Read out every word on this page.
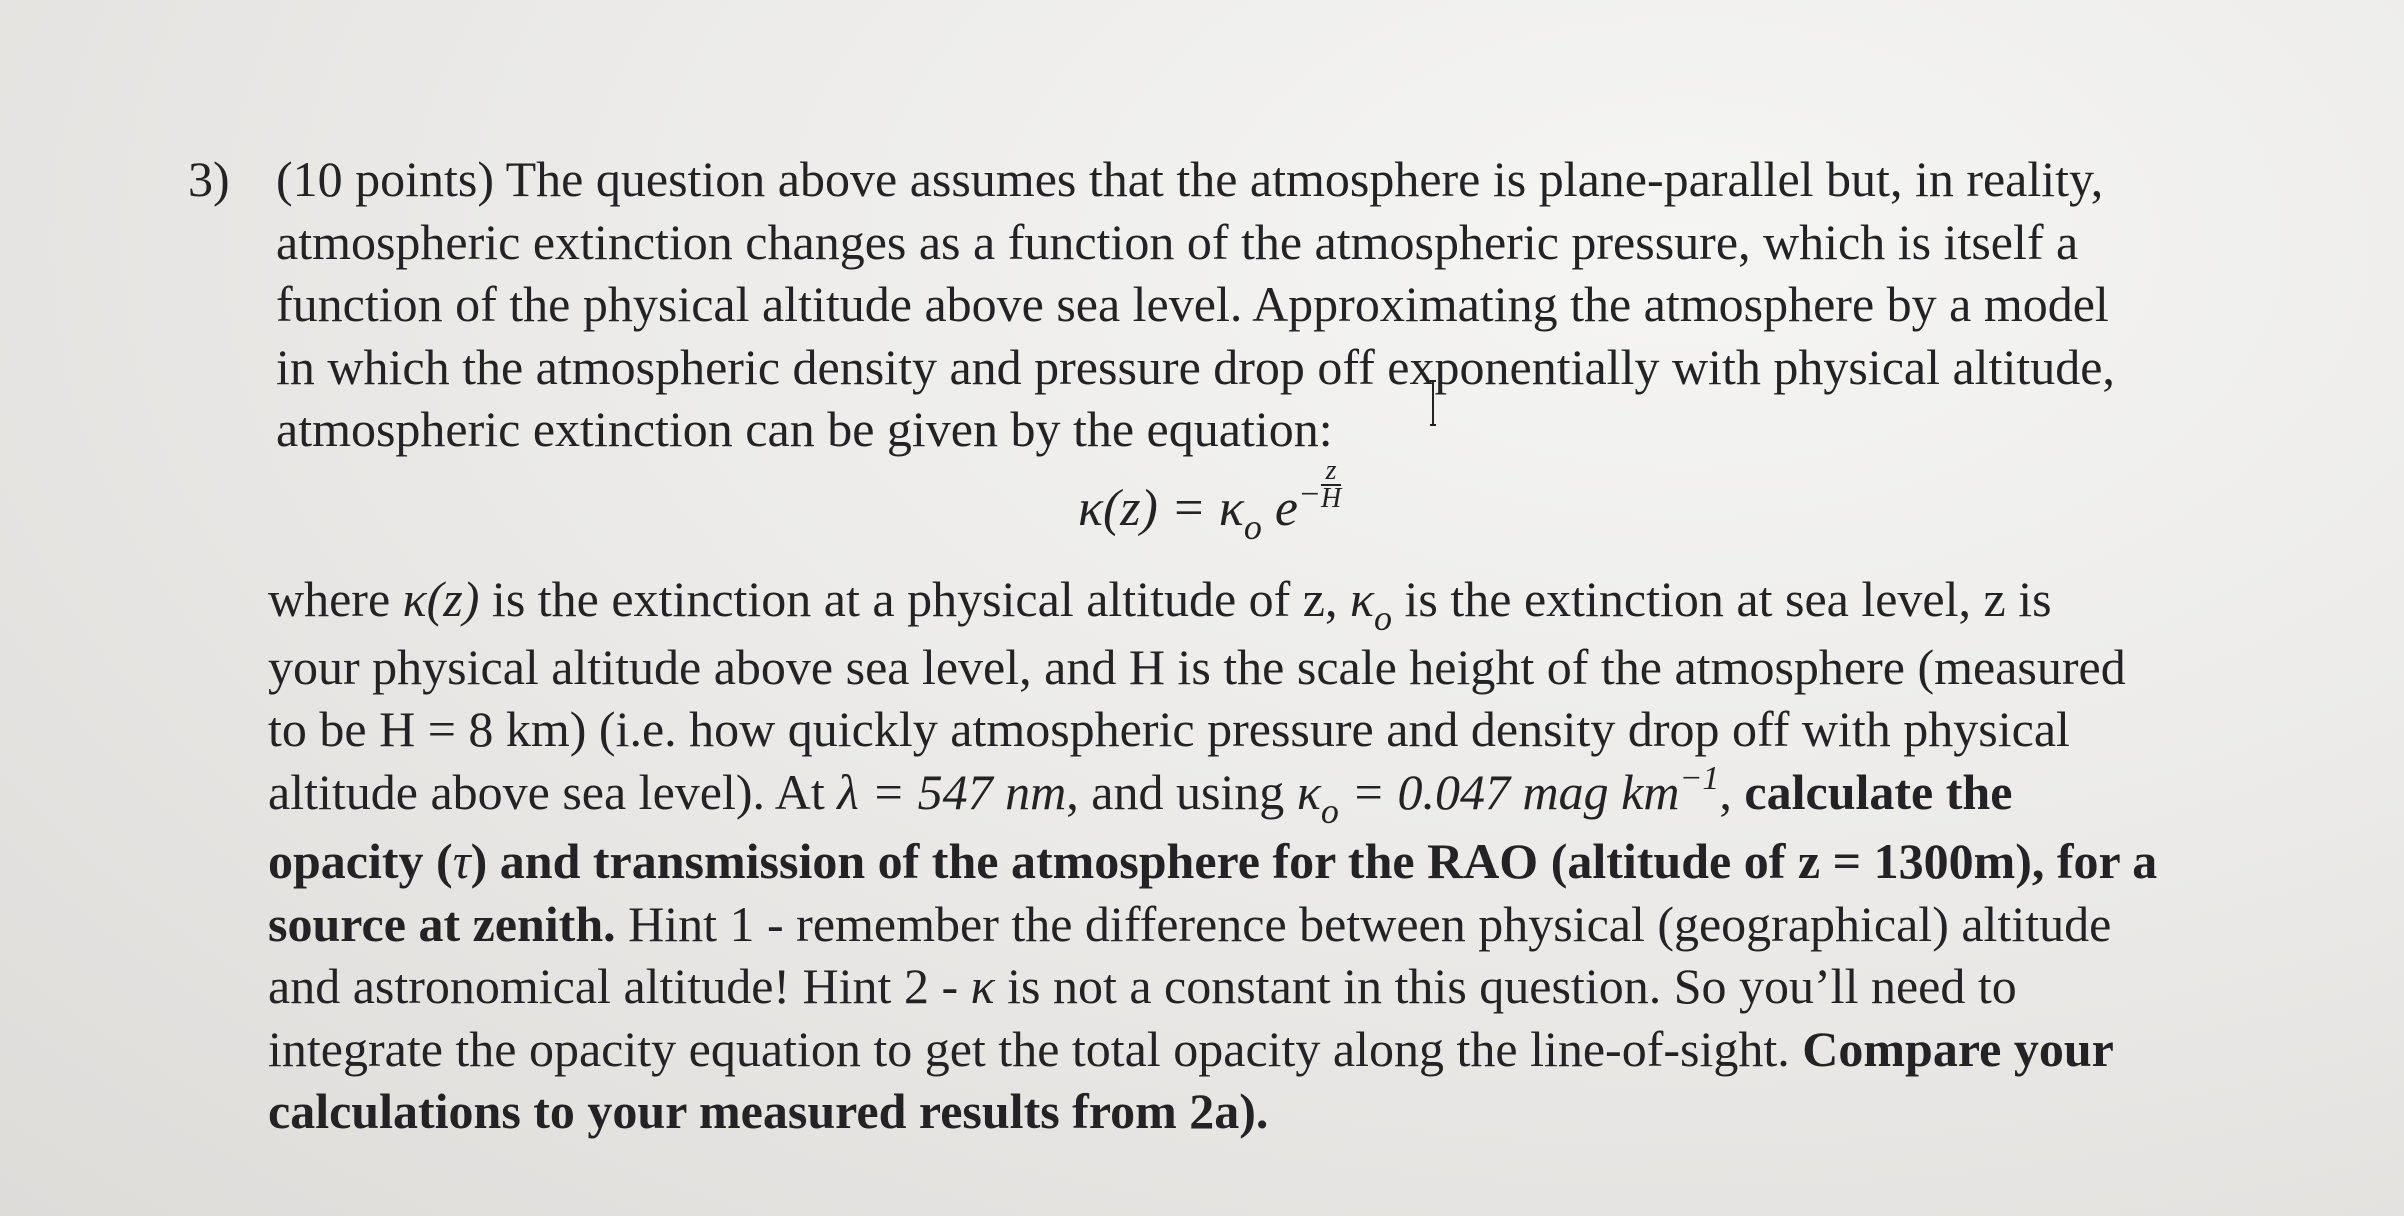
3) (10 points) The question above assumes that the atmosphere is plane-parallel but, in reality,
atmospheric extinction changes as a function of the atmospheric pressure, which is itself a
function of the physical altitude above sea level. Approximating the atmosphere by a model
in which the atmospheric density and pressure drop off exponentially with physical altitude,
atmospheric extinction can be given by the equation:
$\kappa(z) = \kappa_o$ $e^- \frac{z}{H}$
where κ(z) is the extinction at a physical altitude of z, $\kappa_o$ is the extinction at sea level, z is
your physical altitude above sea level, and H is the scale height of the atmosphere (measured
to be H = 8 km) (i.e. how quickly atmospheric pressure and density drop off with physical
altitude above sea level). At λ = 547 nm, and using $\kappa_o = 0.047$ mag $km^{-1}$, calculate the
opacity (τ) and transmission of the atmosphere for the RAO (altitude of z = 1300m), for a
source at zenith. Hint 1 - remember the difference between physical (geographical) altitude
and astronomical altitude! Hint 2 - κ is not a constant in this question. So you’ll need to
integrate the opacity equation to get the total opacity along the line-of-sight. Compare your
calculations to your measured results from 2a).
